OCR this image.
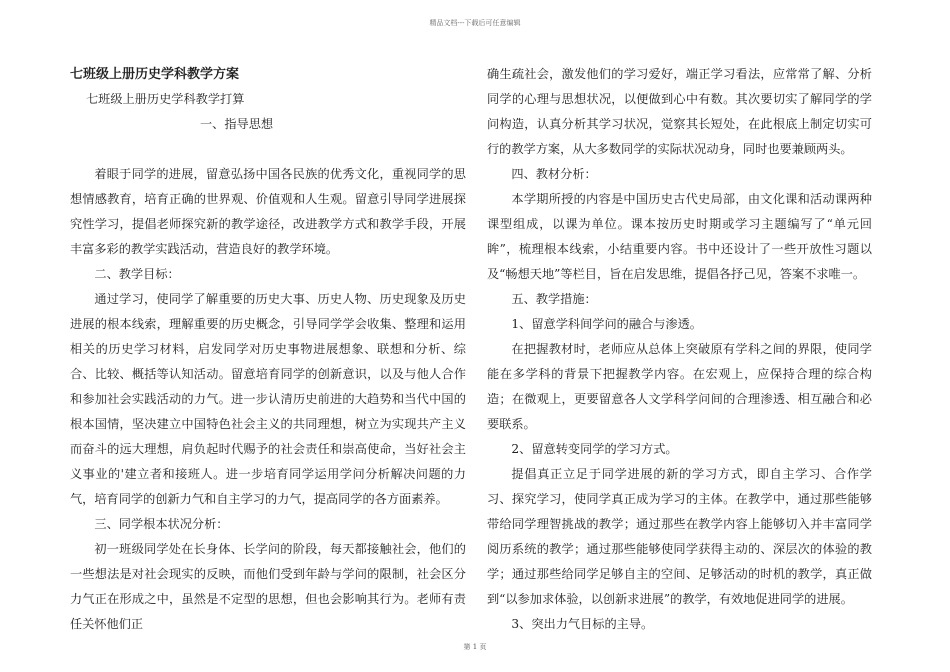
精品文档---下载后可任意编辑

七班级上册历史学科教学方案

七班级上册历史学科教学打算

一、指导思想

着眼于同学的进展，留意弘扬中国各民族的优秀文化，重视同学的思想情感教育，培育正确的世界观、价值观和人生观。留意引导同学进展探究性学习，提倡老师探究新的教学途径，改进教学方式和教学手段，开展丰富多彩的教学实践活动，营造良好的教学环境。

二、教学目标：

通过学习，使同学了解重要的历史大事、历史人物、历史现象及历史进展的根本线索，理解重要的历史概念，引导同学学会收集、整理和运用相关的历史学习材料，启发同学对历史事物进展想象、联想和分析、综合、比较、概括等认知活动。留意培育同学的创新意识，以及与他人合作和参加社会实践活动的力气。进一步认清历史前进的大趋势和当代中国的根本国情，坚决建立中国特色社会主义的共同理想，树立为实现共产主义而奋斗的远大理想，肩负起时代赐予的社会责任和崇高使命，当好社会主义事业的'建立者和接班人。进一步培育同学运用学问分析解决问题的力气，培育同学的创新力气和自主学习的力气，提高同学的各方面素养。

三、同学根本状况分析：

初一班级同学处在长身体、长学问的阶段，每天都接触社会，他们的一些想法是对社会现实的反映，而他们受到年龄与学问的限制，社会区分力气正在形成之中，虽然是不定型的思想，但也会影响其行为。老师有责任关怀他们正

确生疏社会，激发他们的学习爱好，端正学习看法，应常常了解、分析同学的心理与思想状况，以便做到心中有数。其次要切实了解同学的学问构造，认真分析其学习状况，觉察其长短处，在此根底上制定切实可行的教学方案，从大多数同学的实际状况动身，同时也要兼顾两头。

四、教材分析：

本学期所授的内容是中国历史古代史局部，由文化课和活动课两种课型组成，以课为单位。课本按历史时期或学习主题编写了“单元回眸”，梳理根本线索，小结重要内容。书中还设计了一些开放性习题以及“畅想天地”等栏目，旨在启发思维，提倡各抒己见，答案不求唯一。

五、教学措施：

1、留意学科间学问的融合与渗透。

在把握教材时，老师应从总体上突破原有学科之间的界限，使同学能在多学科的背景下把握教学内容。在宏观上，应保持合理的综合构造；在微观上，更要留意各人文学科学问间的合理渗透、相互融合和必要联系。

2、留意转变同学的学习方式。

提倡真正立足于同学进展的新的学习方式，即自主学习、合作学习、探究学习，使同学真正成为学习的主体。在教学中，通过那些能够带给同学理智挑战的教学；通过那些在教学内容上能够切入并丰富同学阅历系统的教学；通过那些能够使同学获得主动的、深层次的体验的教学；通过那些给同学足够自主的空间、足够活动的时机的教学，真正做到“以参加求体验，以创新求进展”的教学，有效地促进同学的进展。

3、突出力气目标的主导。

第 1 页
